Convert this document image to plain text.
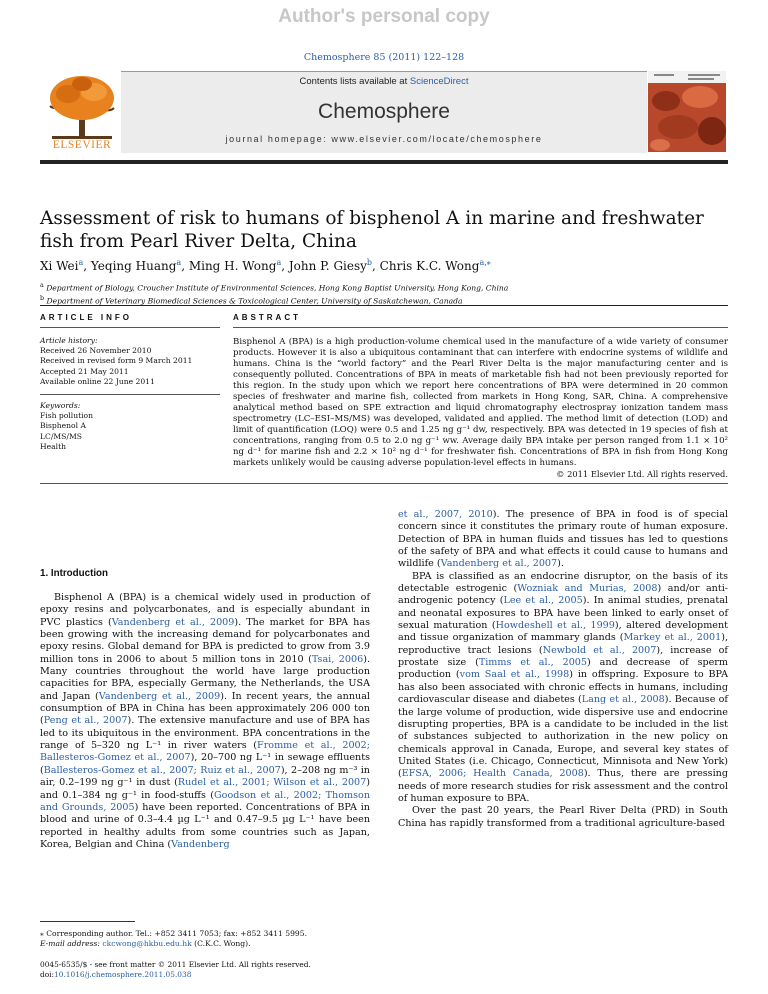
Author's personal copy
Chemosphere 85 (2011) 122–128
ELSEVIER
Contents lists available at ScienceDirect
Chemosphere
journal homepage: www.elsevier.com/locate/chemosphere
Assessment of risk to humans of bisphenol A in marine and freshwater fish from Pearl River Delta, China
Xi Wei$^a$, Yeqing Huang$^a$, Ming H. Wong$^a$, John P. Giesy$^b$, Chris K.C. Wong$^{a,⁎}$
$^a$ Department of Biology, Croucher Institute of Environmental Sciences, Hong Kong Baptist University, Hong Kong, China
$^b$ Department of Veterinary Biomedical Sciences & Toxicological Center, University of Saskatchewan, Canada
ARTICLE INFO
Article history:
Received 26 November 2010
Received in revised form 9 March 2011
Accepted 21 May 2011
Available online 22 June 2011
Keywords:
Fish pollution
Bisphenol A
LC/MS/MS
Health
ABSTRACT
Bisphenol A (BPA) is a high production-volume chemical used in the manufacture of a wide variety of consumer products. However it is also a ubiquitous contaminant that can interfere with endocrine systems of wildlife and humans. China is the “world factory” and the Pearl River Delta is the major manufacturing center and is consequently polluted. Concentrations of BPA in meats of marketable fish had not been previously reported for this region. In the study upon which we report here concentrations of BPA were determined in 20 common species of freshwater and marine fish, collected from markets in Hong Kong, SAR, China. A comprehensive analytical method based on SPE extraction and liquid chromatography electrospray ionization tandem mass spectrometry (LC–ESI–MS/MS) was developed, validated and applied. The method limit of detection (LOD) and limit of quantification (LOQ) were 0.5 and 1.25 ng g⁻¹ dw, respectively. BPA was detected in 19 species of fish at concentrations, ranging from 0.5 to 2.0 ng g⁻¹ ww. Average daily BPA intake per person ranged from 1.1 × 10² ng d⁻¹ for marine fish and 2.2 × 10² ng d⁻¹ for freshwater fish. Concentrations of BPA in fish from Hong Kong markets unlikely would be causing adverse population-level effects in humans.
© 2011 Elsevier Ltd. All rights reserved.
1. Introduction

Bisphenol A (BPA) is a chemical widely used in production of epoxy resins and polycarbonates, and is especially abundant in PVC plastics (Vandenberg et al., 2009). The market for BPA has been growing with the increasing demand for polycarbonates and epoxy resins. Global demand for BPA is predicted to grow from 3.9 million tons in 2006 to about 5 million tons in 2010 (Tsai, 2006). Many countries throughout the world have large production capacities for BPA, especially Germany, the Netherlands, the USA and Japan (Vandenberg et al., 2009). In recent years, the annual consumption of BPA in China has been approximately 206 000 ton (Peng et al., 2007). The extensive manufacture and use of BPA has led to its ubiquitous in the environment. BPA concentrations in the range of 5–320 ng L⁻¹ in river waters (Fromme et al., 2002; Ballesteros-Gomez et al., 2007), 20–700 ng L⁻¹ in sewage effluents (Ballesteros-Gomez et al., 2007; Ruiz et al., 2007), 2–208 ng m⁻³ in air, 0.2–199 ng g⁻¹ in dust (Rudel et al., 2001; Wilson et al., 2007) and 0.1–384 ng g⁻¹ in food-stuffs (Goodson et al., 2002; Thomson and Grounds, 2005) have been reported. Concentrations of BPA in blood and urine of 0.3–4.4 µg L⁻¹ and 0.47–9.5 µg L⁻¹ have been reported in healthy adults from some countries such as Japan, Korea, Belgian and China (Vandenberg

⁎ Corresponding author. Tel.: +852 3411 7053; fax: +852 3411 5995.
E-mail address: ckcwong@hkbu.edu.hk (C.K.C. Wong).
0045-6535/$ - see front matter © 2011 Elsevier Ltd. All rights reserved.
doi:10.1016/j.chemosphere.2011.05.038

et al., 2007, 2010). The presence of BPA in food is of special concern since it constitutes the primary route of human exposure. Detection of BPA in human fluids and tissues has led to questions of the safety of BPA and what effects it could cause to humans and wildlife (Vandenberg et al., 2007).

BPA is classified as an endocrine disruptor, on the basis of its detectable estrogenic (Wozniak and Murias, 2008) and/or anti-androgenic potency (Lee et al., 2005). In animal studies, prenatal and neonatal exposures to BPA have been linked to early onset of sexual maturation (Howdeshell et al., 1999), altered development and tissue organization of mammary glands (Markey et al., 2001), reproductive tract lesions (Newbold et al., 2007), increase of prostate size (Timms et al., 2005) and decrease of sperm production (vom Saal et al., 1998) in offspring. Exposure to BPA has also been associated with chronic effects in humans, including cardiovascular disease and diabetes (Lang et al., 2008). Because of the large volume of production, wide dispersive use and endocrine disrupting properties, BPA is a candidate to be included in the list of substances subjected to authorization in the new policy on chemicals approval in Canada, Europe, and several key states of United States (i.e. Chicago, Connecticut, Minnisota and New York) (EFSA, 2006; Health Canada, 2008). Thus, there are pressing needs of more research studies for risk assessment and the control of human exposure to BPA.

Over the past 20 years, the Pearl River Delta (PRD) in South China has rapidly transformed from a traditional agriculture-based
